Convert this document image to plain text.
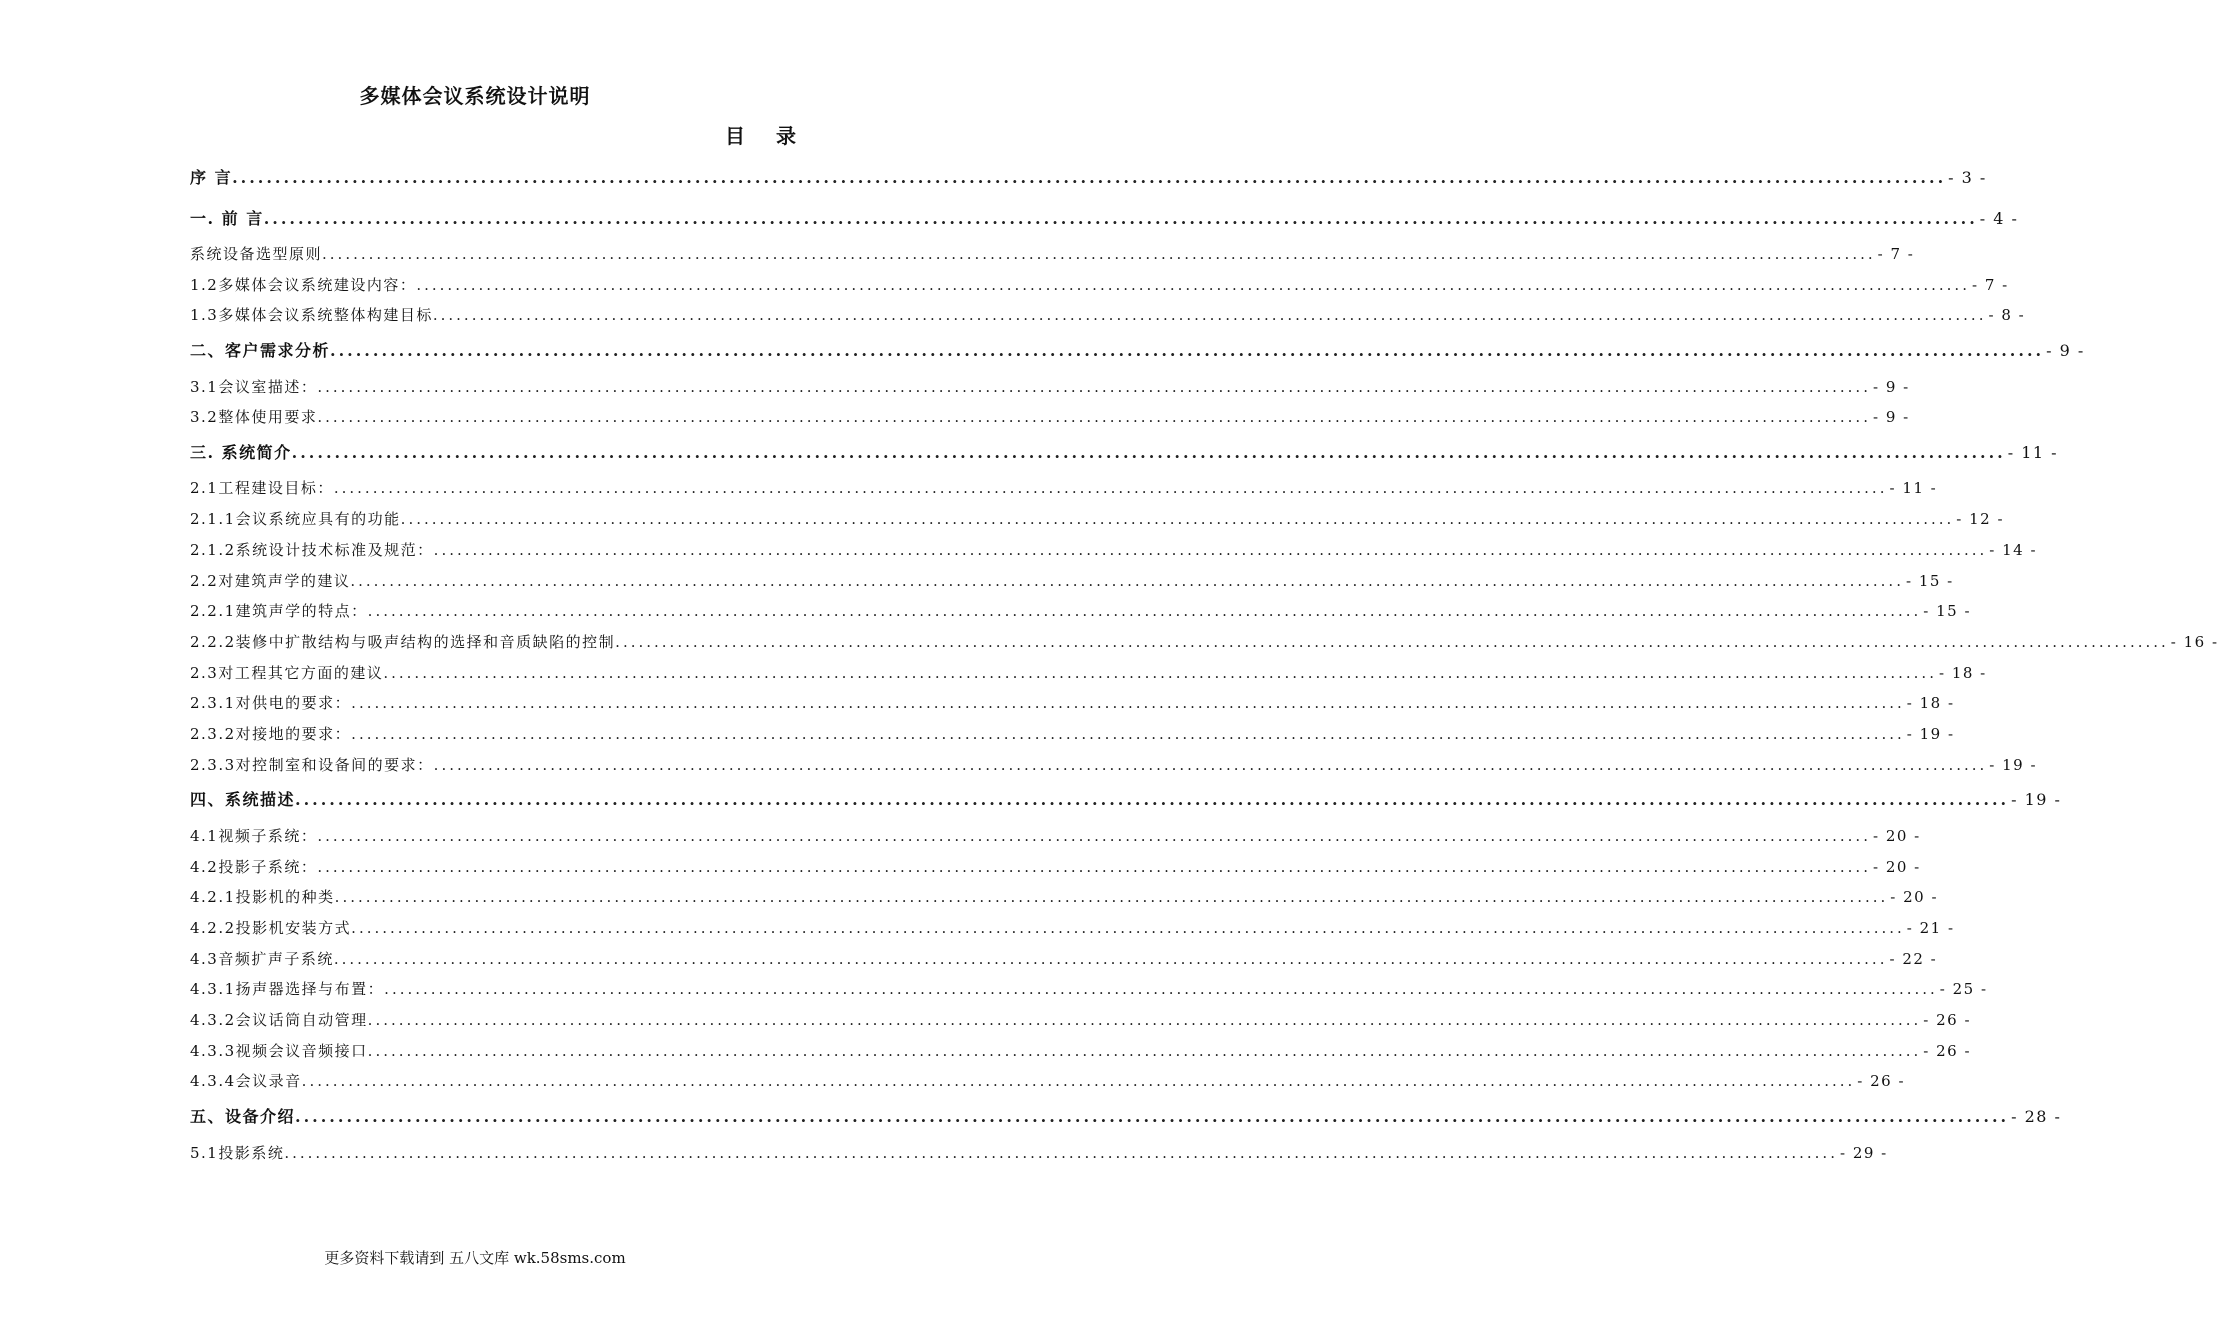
多媒体会议系统设计说明
目 录
序 言 ........................................................................................................................................................................................................ - 3 -
一. 前 言 ........................................................................................................................................................................................................ - 4 -
系统设备选型原则 ........................................................................................................................................................................................................ - 7 -
1.2多媒体会议系统建设内容： ........................................................................................................................................................................................................ - 7 -
1.3多媒体会议系统整体构建目标 ........................................................................................................................................................................................................ - 8 -
二、客户需求分析 ........................................................................................................................................................................................................ - 9 -
3.1会议室描述： ........................................................................................................................................................................................................ - 9 -
3.2整体使用要求 ........................................................................................................................................................................................................ - 9 -
三. 系统简介 ........................................................................................................................................................................................................ - 11 -
2.1工程建设目标： ........................................................................................................................................................................................................ - 11 -
2.1.1会议系统应具有的功能 ........................................................................................................................................................................................................ - 12 -
2.1.2系统设计技术标准及规范： ........................................................................................................................................................................................................ - 14 -
2.2对建筑声学的建议 ........................................................................................................................................................................................................ - 15 -
2.2.1建筑声学的特点： ........................................................................................................................................................................................................ - 15 -
2.2.2装修中扩散结构与吸声结构的选择和音质缺陷的控制 ........................................................................................................................................................................................................ - 16 -
2.3对工程其它方面的建议 ........................................................................................................................................................................................................ - 18 -
2.3.1对供电的要求： ........................................................................................................................................................................................................ - 18 -
2.3.2对接地的要求： ........................................................................................................................................................................................................ - 19 -
2.3.3对控制室和设备间的要求： ........................................................................................................................................................................................................ - 19 -
四、系统描述 ........................................................................................................................................................................................................ - 19 -
4.1视频子系统： ........................................................................................................................................................................................................ - 20 -
4.2投影子系统： ........................................................................................................................................................................................................ - 20 -
4.2.1投影机的种类 ........................................................................................................................................................................................................ - 20 -
4.2.2投影机安装方式 ........................................................................................................................................................................................................ - 21 -
4.3音频扩声子系统 ........................................................................................................................................................................................................ - 22 -
4.3.1扬声器选择与布置： ........................................................................................................................................................................................................ - 25 -
4.3.2会议话筒自动管理 ........................................................................................................................................................................................................ - 26 -
4.3.3视频会议音频接口 ........................................................................................................................................................................................................ - 26 -
4.3.4会议录音 ........................................................................................................................................................................................................ - 26 -
五、设备介绍 ........................................................................................................................................................................................................ - 28 -
5.1投影系统 ........................................................................................................................................................................................................ - 29 -
更多资料下载请到 五八文库 wk.58sms.com
